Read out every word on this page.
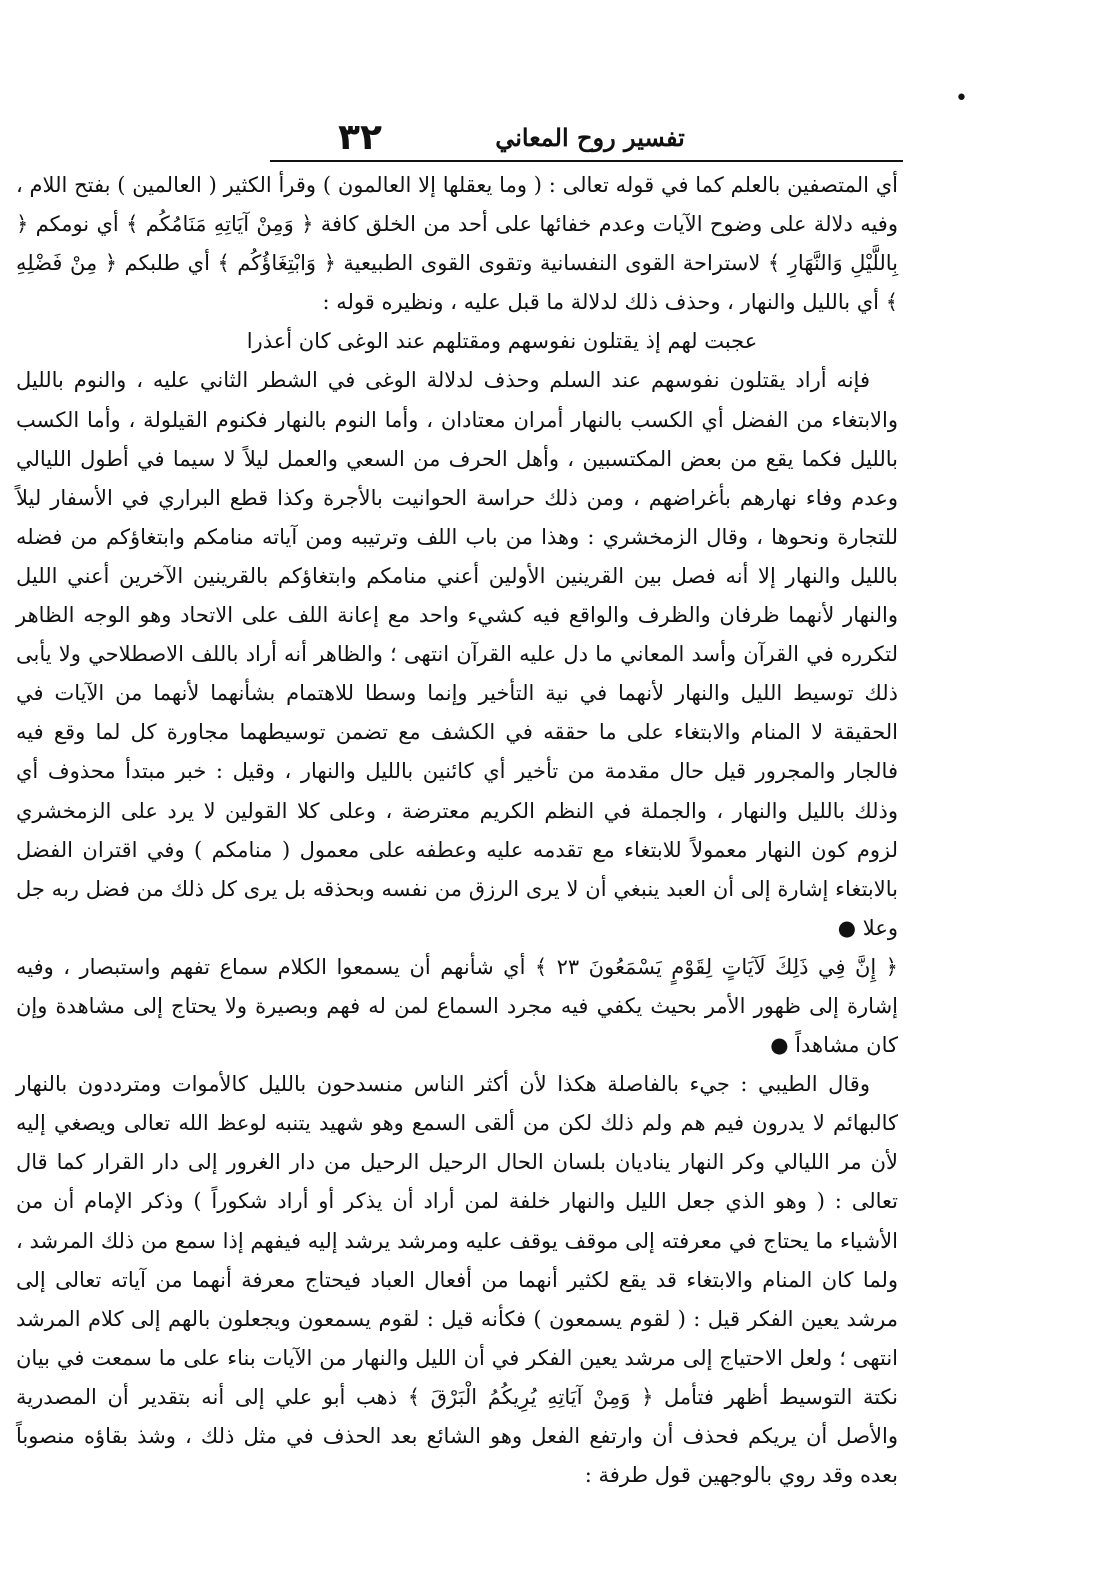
•
٣٢	تفسير روح المعاني

أي المتصفين بالعلم كما في قوله تعالى : ( وما يعقلها إلا العالمون ) وقرأ الكثير ( العالمين ) بفتح اللام ، وفيه دلالة على وضوح الآيات وعدم خفائها على أحد من الخلق كافة ﴿ وَمِنْ آيَاتِهِ مَنَامُكُم ﴾ أي نومكم ﴿ بِاللَّيْلِ وَالنَّهَارِ ﴾ لاستراحة القوى النفسانية وتقوى القوى الطبيعية ﴿ وَابْتِغَاؤُكُم ﴾ أي طلبكم ﴿ مِنْ فَضْلِهِ ﴾ أي بالليل والنهار ، وحذف ذلك لدلالة ما قبل عليه ، ونظيره قوله :

عجبت لهم إذ يقتلون نفوسهم ومقتلهم عند الوغى كان أعذرا

فإنه أراد يقتلون نفوسهم عند السلم وحذف لدلالة الوغى في الشطر الثاني عليه ، والنوم بالليل والابتغاء من الفضل أي الكسب بالنهار أمران معتادان ، وأما النوم بالنهار فكنوم القيلولة ، وأما الكسب بالليل فكما يقع من بعض المكتسبين ، وأهل الحرف من السعي والعمل ليلاً لا سيما في أطول الليالي وعدم وفاء نهارهم بأغراضهم ، ومن ذلك حراسة الحوانيت بالأجرة وكذا قطع البراري في الأسفار ليلاً للتجارة ونحوها ، وقال الزمخشري : وهذا من باب اللف وترتيبه ومن آياته منامكم وابتغاؤكم من فضله بالليل والنهار إلا أنه فصل بين القرينين الأولين أعني منامكم وابتغاؤكم بالقرينين الآخرين أعني الليل والنهار لأنهما ظرفان والظرف والواقع فيه كشيء واحد مع إعانة اللف على الاتحاد وهو الوجه الظاهر لتكرره في القرآن وأسد المعاني ما دل عليه القرآن انتهى ؛ والظاهر أنه أراد باللف الاصطلاحي ولا يأبى ذلك توسيط الليل والنهار لأنهما في نية التأخير وإنما وسطا للاهتمام بشأنهما لأنهما من الآيات في الحقيقة لا المنام والابتغاء على ما حققه في الكشف مع تضمن توسيطهما مجاورة كل لما وقع فيه فالجار والمجرور قيل حال مقدمة من تأخير أي كائنين بالليل والنهار ، وقيل : خبر مبتدأ محذوف أي وذلك بالليل والنهار ، والجملة في النظم الكريم معترضة ، وعلى كلا القولين لا يرد على الزمخشري لزوم كون النهار معمولاً للابتغاء مع تقدمه عليه وعطفه على معمول ( منامكم ) وفي اقتران الفضل بالابتغاء إشارة إلى أن العبد ينبغي أن لا يرى الرزق من نفسه وبحذقه بل يرى كل ذلك من فضل ربه جل وعلا ●

﴿ إِنَّ فِي ذَلِكَ لَآيَاتٍ لِقَوْمٍ يَسْمَعُونَ ٢٣ ﴾ أي شأنهم أن يسمعوا الكلام سماع تفهم واستبصار ، وفيه إشارة إلى ظهور الأمر بحيث يكفي فيه مجرد السماع لمن له فهم وبصيرة ولا يحتاج إلى مشاهدة وإن كان مشاهداً ●

وقال الطيبي : جيء بالفاصلة هكذا لأن أكثر الناس منسدحون بالليل كالأموات ومترددون بالنهار كالبهائم لا يدرون فيم هم ولم ذلك لكن من ألقى السمع وهو شهيد يتنبه لوعظ الله تعالى ويصغي إليه لأن مر الليالي وكر النهار يناديان بلسان الحال الرحيل الرحيل من دار الغرور إلى دار القرار كما قال تعالى : ( وهو الذي جعل الليل والنهار خلفة لمن أراد أن يذكر أو أراد شكوراً ) وذكر الإمام أن من الأشياء ما يحتاج في معرفته إلى موقف يوقف عليه ومرشد يرشد إليه فيفهم إذا سمع من ذلك المرشد ، ولما كان المنام والابتغاء قد يقع لكثير أنهما من أفعال العباد فيحتاج معرفة أنهما من آياته تعالى إلى مرشد يعين الفكر قيل : ( لقوم يسمعون ) فكأنه قيل : لقوم يسمعون ويجعلون بالهم إلى كلام المرشد انتهى ؛ ولعل الاحتياج إلى مرشد يعين الفكر في أن الليل والنهار من الآيات بناء على ما سمعت في بيان نكتة التوسيط أظهر فتأمل ﴿ وَمِنْ آيَاتِهِ يُرِيكُمُ الْبَرْقَ ﴾ ذهب أبو علي إلى أنه بتقدير أن المصدرية والأصل أن يريكم فحذف أن وارتفع الفعل وهو الشائع بعد الحذف في مثل ذلك ، وشذ بقاؤه منصوباً بعده وقد روي بالوجهين قول طرفة :
